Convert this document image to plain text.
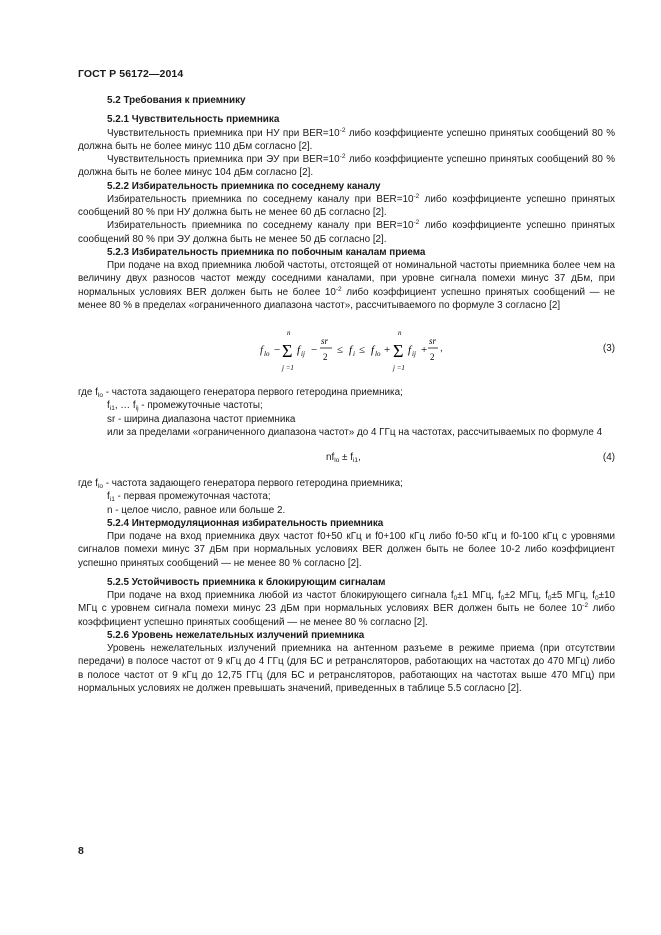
ГОСТ Р 56172—2014
5.2 Требования к приемнику
5.2.1 Чувствительность приемника

Чувствительность приемника при НУ при $BER=10^{-2}$ либо коэффициенте успешно принятых сообщений 80 % должна быть не более минус 110 дБм согласно [2].

Чувствительность приемника при ЭУ при $BER=10^{-2}$ либо коэффициенте успешно принятых сообщений 80 % должна быть не более минус 104 дБм согласно [2].

5.2.2 Избирательность приемника по соседнему каналу

Избирательность приемника по соседнему каналу при $BER=10^{-2}$ либо коэффициенте успешно принятых сообщений 80 % при НУ должна быть не менее 60 дБ согласно [2].

Избирательность приемника по соседнему каналу при $BER=10^{-2}$ либо коэффициенте успешно принятых сообщений 80 % при ЭУ должна быть не менее 50 дБ согласно [2].

5.2.3 Избирательность приемника по побочным каналам приема

При подаче на вход приемника любой частоты, отстоящей от номинальной частоты приемника более чем на величину двух разносов частот между соседними каналами, при уровне сигнала помехи минус 37 дБм, при нормальных условиях BER должен быть не более $10^{-2}$ либо коэффициент успешно принятых сообщений — не менее 80 % в пределах «ограниченного диапазона частот», рассчитываемого по формуле 3 согласно [2]

f lo −
n
Σ
j =1
f ij −
sr
2
≤ f i ≤ f lo +
n
Σ
j =1
f ij +
sr
2
,	(3)

где $f_{lo}$ - частота задающего генератора первого гетеродина приемника;

$f_{i1}$, … $f_{ij}$ - промежуточные частоты;

sr - ширина диапазона частот приемника

или за пределами «ограниченного диапазона частот» до 4 ГГц на частотах, рассчитываемых по формуле 4

$nf_{lo} \pm f_{i1}$,	(4)

где $f_{lo}$ - частота задающего генератора первого гетеродина приемника;

$f_{i1}$ - первая промежуточная частота;

n - целое число, равное или больше 2.

5.2.4 Интермодуляционная избирательность приемника

При подаче на вход приемника двух частот f0+50 кГц и f0+100 кГц либо f0-50 кГц и f0-100 кГц с уровнями сигналов помехи минус 37 дБм при нормальных условиях BER должен быть не более 10-2 либо коэффициент успешно принятых сообщений — не менее 80 % согласно [2].

5.2.5 Устойчивость приемника к блокирующим сигналам

При подаче на вход приемника любой из частот блокирующего сигнала $f_0\pm 1$ МГц, $f_0\pm 2$ МГц, $f_0\pm 5$ МГц, $f_0\pm 10$ МГц с уровнем сигнала помехи минус 23 дБм при нормальных условиях BER должен быть не более $10^{-2}$ либо коэффициент успешно принятых сообщений — не менее 80 % согласно [2].

5.2.6 Уровень нежелательных излучений приемника

Уровень нежелательных излучений приемника на антенном разъеме в режиме приема (при отсутствии передачи) в полосе частот от 9 кГц до 4 ГГц (для БС и ретрансляторов, работающих на частотах до 470 МГц) либо в полосе частот от 9 кГц до 12,75 ГГц (для БС и ретрансляторов, работающих на частотах выше 470 МГц) при нормальных условиях не должен превышать значений, приведенных в таблице 5.5 согласно [2].

8
